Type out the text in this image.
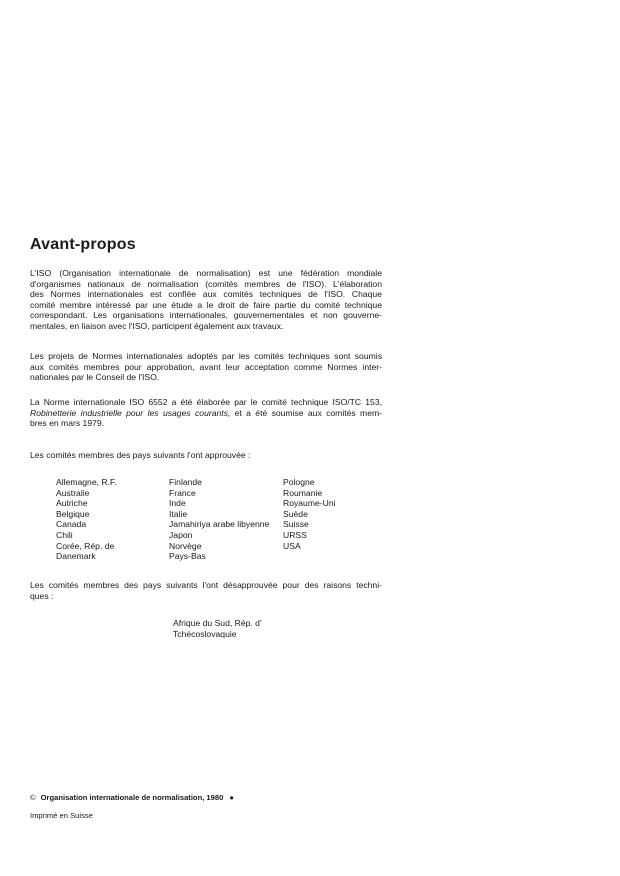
Avant-propos

L'ISO (Organisation internationale de normalisation) est une fédération mondiale
d'organismes nationaux de normalisation (comités membres de l'ISO). L'élaboration
des Normes internationales est confiée aux comités techniques de l'ISO. Chaque
comité membre intéressé par une étude a le droit de faire partie du comité technique
correspondant. Les organisations internationales, gouvernementales et non gouverne-
mentales, en liaison avec l'ISO, participent également aux travaux.

Les projets de Normes internationales adoptés par les comités techniques sont soumis
aux comités membres pour approbation, avant leur acceptation comme Normes inter-
nationales par le Conseil de l'ISO.

La Norme internationale ISO 6552 a été élaborée par le comité technique ISO/TC 153,
Robinetterie industrielle pour les usages courants, et a été soumise aux comités mem-
bres en mars 1979.

Les comités membres des pays suivants l'ont approuvée :

Allemagne, R.F.
Australie
Autriche
Belgique
Canada
Chili
Corée, Rép. de
Danemark
Finlande
France
Inde
Italie
Jamahiriya arabe libyenne
Japon
Norvège
Pays-Bas
Pologne
Roumanie
Royaume-Uni
Suède
Suisse
URSS
USA

Les comités membres des pays suivants l'ont désapprouvée pour des raisons techni-
ques :

Afrique du Sud, Rép. d'
Tchécoslovaquie
© Organisation internationale de normalisation, 1980 ●
Imprimé en Suisse
